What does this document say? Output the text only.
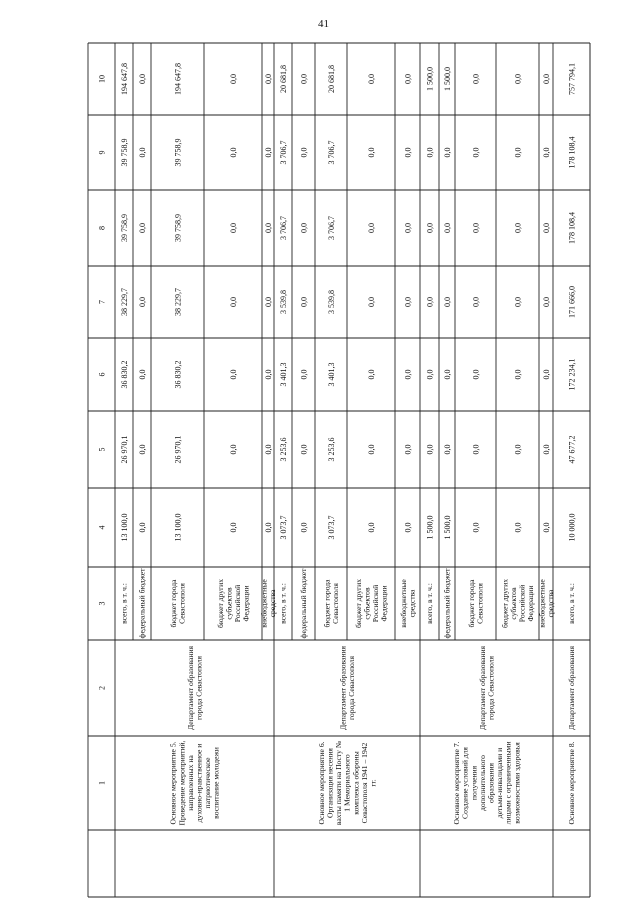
41
1
2
3
4
5
6
7
8
9
10
Основное мероприятие 5.Проведение мероприятий,направленных надуховно-нравственное ипатриотическоевоспитание молодежи
Департамент образованиягорода Севастополя
всего, в т. ч.:
13 100,0
26 970,1
36 830,2
38 229,7
39 758,9
39 758,9
194 647,8
федеральный бюджет
0,0
0,0
0,0
0,0
0,0
0,0
0,0
бюджет городаСевастополя
13 100,0
26 970,1
36 830,2
38 229,7
39 758,9
39 758,9
194 647,8
бюджет другихсубъектовРоссийскойФедерации
0,0
0,0
0,0
0,0
0,0
0,0
0,0
внебюджетныесредства
0,0
0,0
0,0
0,0
0,0
0,0
0,0
Основное мероприятие 6.Организация несениявахты памяти на Посту №1 Мемориальногокомплекса обороныСевастополя 1941 – 1942гг.
Департамент образованиягорода Севастополя
всего, в т. ч.:
3 073,7
3 253,6
3 401,3
3 539,8
3 706,7
3 706,7
20 681,8
федеральный бюджет
0,0
0,0
0,0
0,0
0,0
0,0
0,0
бюджет городаСевастополя
3 073,7
3 253,6
3 401,3
3 539,8
3 706,7
3 706,7
20 681,8
бюджет другихсубъектовРоссийскойФедерации
0,0
0,0
0,0
0,0
0,0
0,0
0,0
внебюджетныесредства
0,0
0,0
0,0
0,0
0,0
0,0
0,0
Основное мероприятие 7.Создание условий дляполучениядополнительногообразованиядетьми-инвалидами илицами с ограниченнымивозможностями здоровья
Департамент образованиягорода Севастополя
всего, в т. ч.:
1 500,0
0,0
0,0
0,0
0,0
0,0
1 500,0
федеральный бюджет
1 500,0
0,0
0,0
0,0
0,0
0,0
1 500,0
бюджет городаСевастополя
0,0
0,0
0,0
0,0
0,0
0,0
0,0
бюджет другихсубъектовРоссийскойФедерации
0,0
0,0
0,0
0,0
0,0
0,0
0,0
внебюджетныесредства
0,0
0,0
0,0
0,0
0,0
0,0
0,0
Основное мероприятие 8.
Департамент образования
всего, в т. ч.:
10 000,0
47 677,2
172 234,1
171 666,0
178 108,4
178 108,4
757 794,1
